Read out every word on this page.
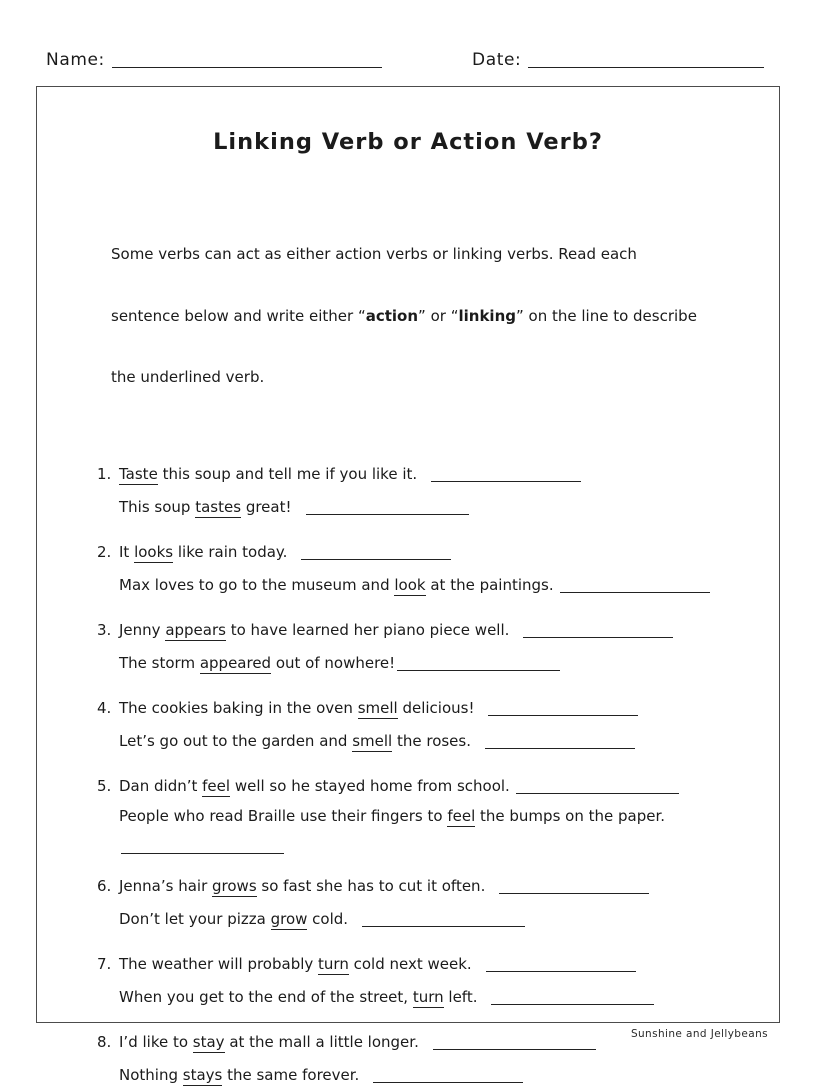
Name:	Date:
Linking Verb or Action Verb?

Some verbs can act as either action verbs or linking verbs. Read each

sentence below and write either “action” or “linking” on the line to describe

the underlined verb.

1. Taste this soup and tell me if you like it.
This soup tastes great!
2. It looks like rain today.
Max loves to go to the museum and look at the paintings.
3. Jenny appears to have learned her piano piece well.
The storm appeared out of nowhere!
4. The cookies baking in the oven smell delicious!
Let’s go out to the garden and smell the roses.
5. Dan didn’t feel well so he stayed home from school.
People who read Braille use their fingers to feel the bumps on the paper.
6. Jenna’s hair grows so fast she has to cut it often.
Don’t let your pizza grow cold.
7. The weather will probably turn cold next week.
When you get to the end of the street, turn left.
8. I’d like to stay at the mall a little longer.
Nothing stays the same forever.
Sunshine and Jellybeans
